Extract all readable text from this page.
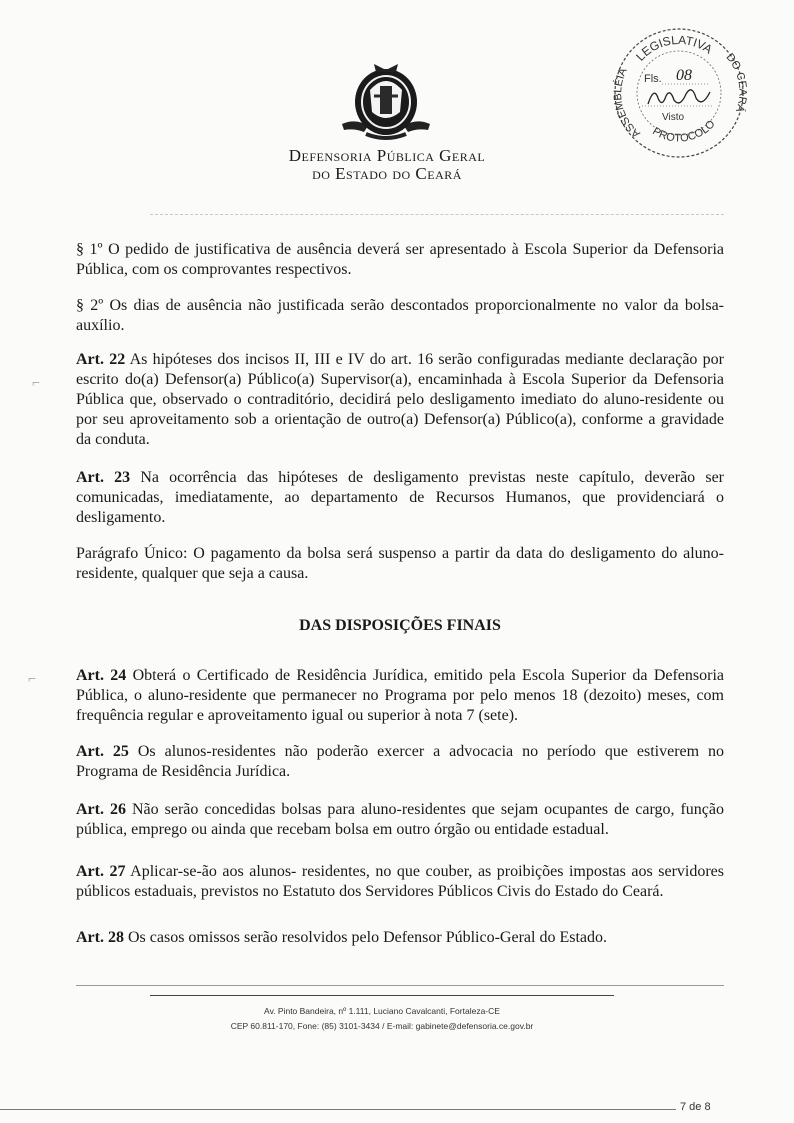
Defensoria Pública Geral
do Estado do Ceará
LEGISLATIVA
PROTOCOLO
ASSEMBLÉIA
DO CEARÁ
Fls. 08
Visto
⌐
⌐
§ 1º O pedido de justificativa de ausência deverá ser apresentado à Escola Superior da Defensoria Pública, com os comprovantes respectivos.
§ 2º Os dias de ausência não justificada serão descontados proporcionalmente no valor da bolsa-auxílio.
Art. 22 As hipóteses dos incisos II, III e IV do art. 16 serão configuradas mediante declaração por escrito do(a) Defensor(a) Público(a) Supervisor(a), encaminhada à Escola Superior da Defensoria Pública que, observado o contraditório, decidirá pelo desligamento imediato do aluno-residente ou por seu aproveitamento sob a orientação de outro(a) Defensor(a) Público(a), conforme a gravidade da conduta.
Art. 23 Na ocorrência das hipóteses de desligamento previstas neste capítulo, deverão ser comunicadas, imediatamente, ao departamento de Recursos Humanos, que providenciará o desligamento.
Parágrafo Único: O pagamento da bolsa será suspenso a partir da data do desligamento do aluno-residente, qualquer que seja a causa.
DAS DISPOSIÇÕES FINAIS
Art. 24 Obterá o Certificado de Residência Jurídica, emitido pela Escola Superior da Defensoria Pública, o aluno-residente que permanecer no Programa por pelo menos 18 (dezoito) meses, com frequência regular e aproveitamento igual ou superior à nota 7 (sete).
Art. 25 Os alunos-residentes não poderão exercer a advocacia no período que estiverem no Programa de Residência Jurídica.
Art. 26 Não serão concedidas bolsas para aluno-residentes que sejam ocupantes de cargo, função pública, emprego ou ainda que recebam bolsa em outro órgão ou entidade estadual.
Art. 27 Aplicar-se-ão aos alunos- residentes, no que couber, as proibições impostas aos servidores públicos estaduais, previstos no Estatuto dos Servidores Públicos Civis do Estado do Ceará.
Art. 28 Os casos omissos serão resolvidos pelo Defensor Público-Geral do Estado.
Av. Pinto Bandeira, nº 1.111, Luciano Cavalcanti, Fortaleza-CE
CEP 60.811-170, Fone: (85) 3101-3434 / E-mail: gabinete@defensoria.ce.gov.br
7 de 8
